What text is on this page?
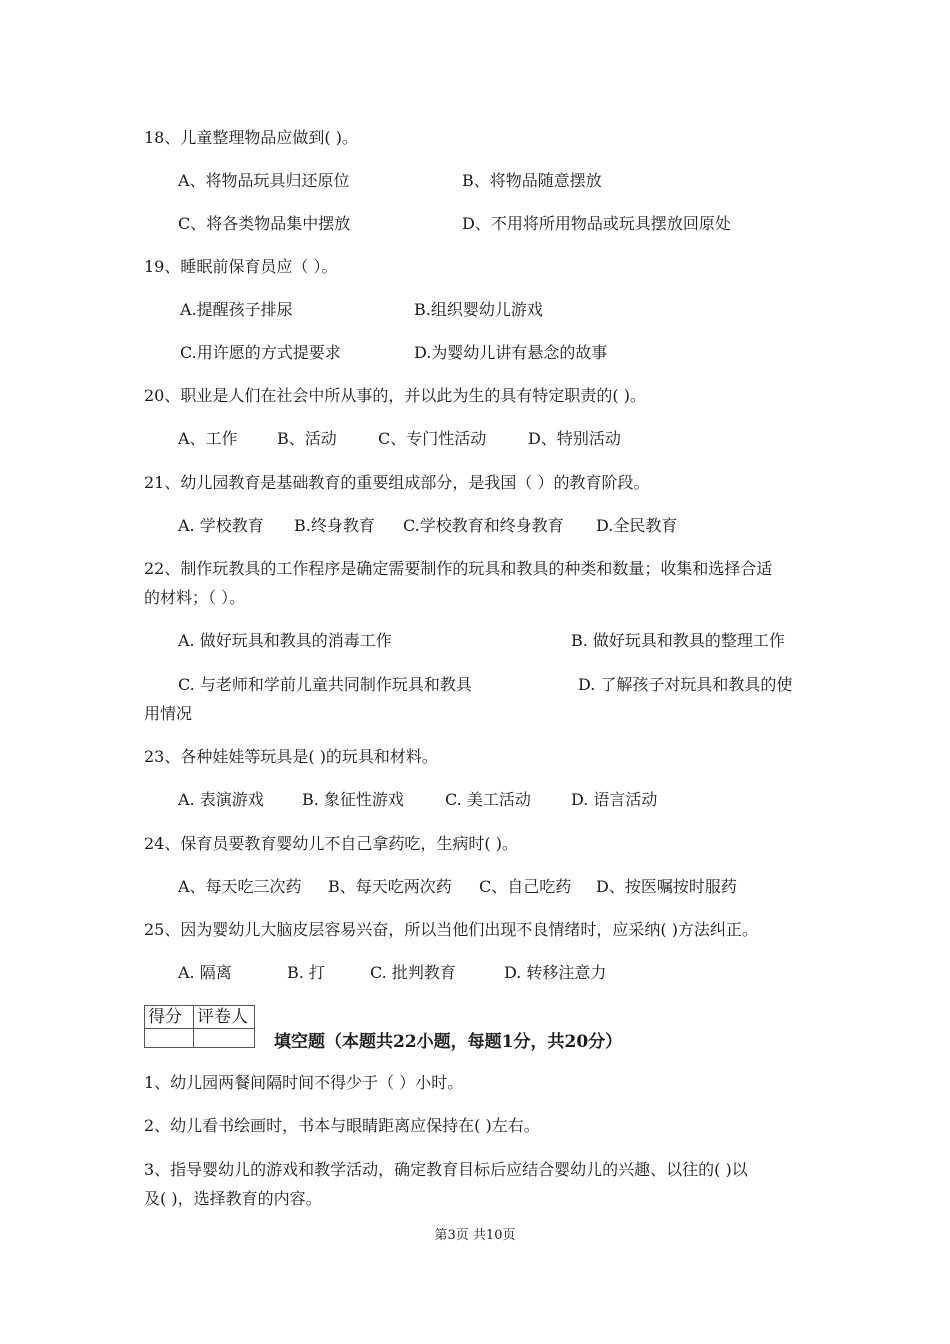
18、儿童整理物品应做到( )。
A、将物品玩具归还原位	B、将物品随意摆放
C、将各类物品集中摆放	D、不用将所用物品或玩具摆放回原处
19、睡眠前保育员应（ ）。
A.提醒孩子排尿	B.组织婴幼儿游戏
C.用许愿的方式提要求	D.为婴幼儿讲有悬念的故事
20、职业是人们在社会中所从事的，并以此为生的具有特定职责的( )。
A、工作 B、活动	C、专门性活动	D、特别活动
21、幼儿园教育是基础教育的重要组成部分，是我国（ ）的教育阶段。
A. 学校教育 B.终身教育 C.学校教育和终身教育 D.全民教育
22、制作玩教具的工作程序是确定需要制作的玩具和教具的种类和数量；收集和选择合适
的材料；（ ）。
A. 做好玩具和教具的消毒工作	B. 做好玩具和教具的整理工作
C. 与老师和学前儿童共同制作玩具和教具	D. 了解孩子对玩具和教具的使
用情况
23、各种娃娃等玩具是( )的玩具和材料。
A. 表演游戏 B. 象征性游戏	C. 美工活动	D. 语言活动
24、保育员要教育婴幼儿不自己拿药吃，生病时( )。
A、每天吃三次药 B、每天吃两次药 C、自己吃药 D、按医嘱按时服药
25、因为婴幼儿大脑皮层容易兴奋，所以当他们出现不良情绪时，应采纳( )方法纠正。
A. 隔离	B. 打	C. 批判教育	D. 转移注意力
得分	评卷人

填空题（本题共22小题，每题1分，共20分）
1、幼儿园两餐间隔时间不得少于（ ）小时。
2、幼儿看书绘画时，书本与眼睛距离应保持在( )左右。
3、指导婴幼儿的游戏和教学活动，确定教育目标后应结合婴幼儿的兴趣、以往的( )以
及( )，选择教育的内容。
第3页 共10页
